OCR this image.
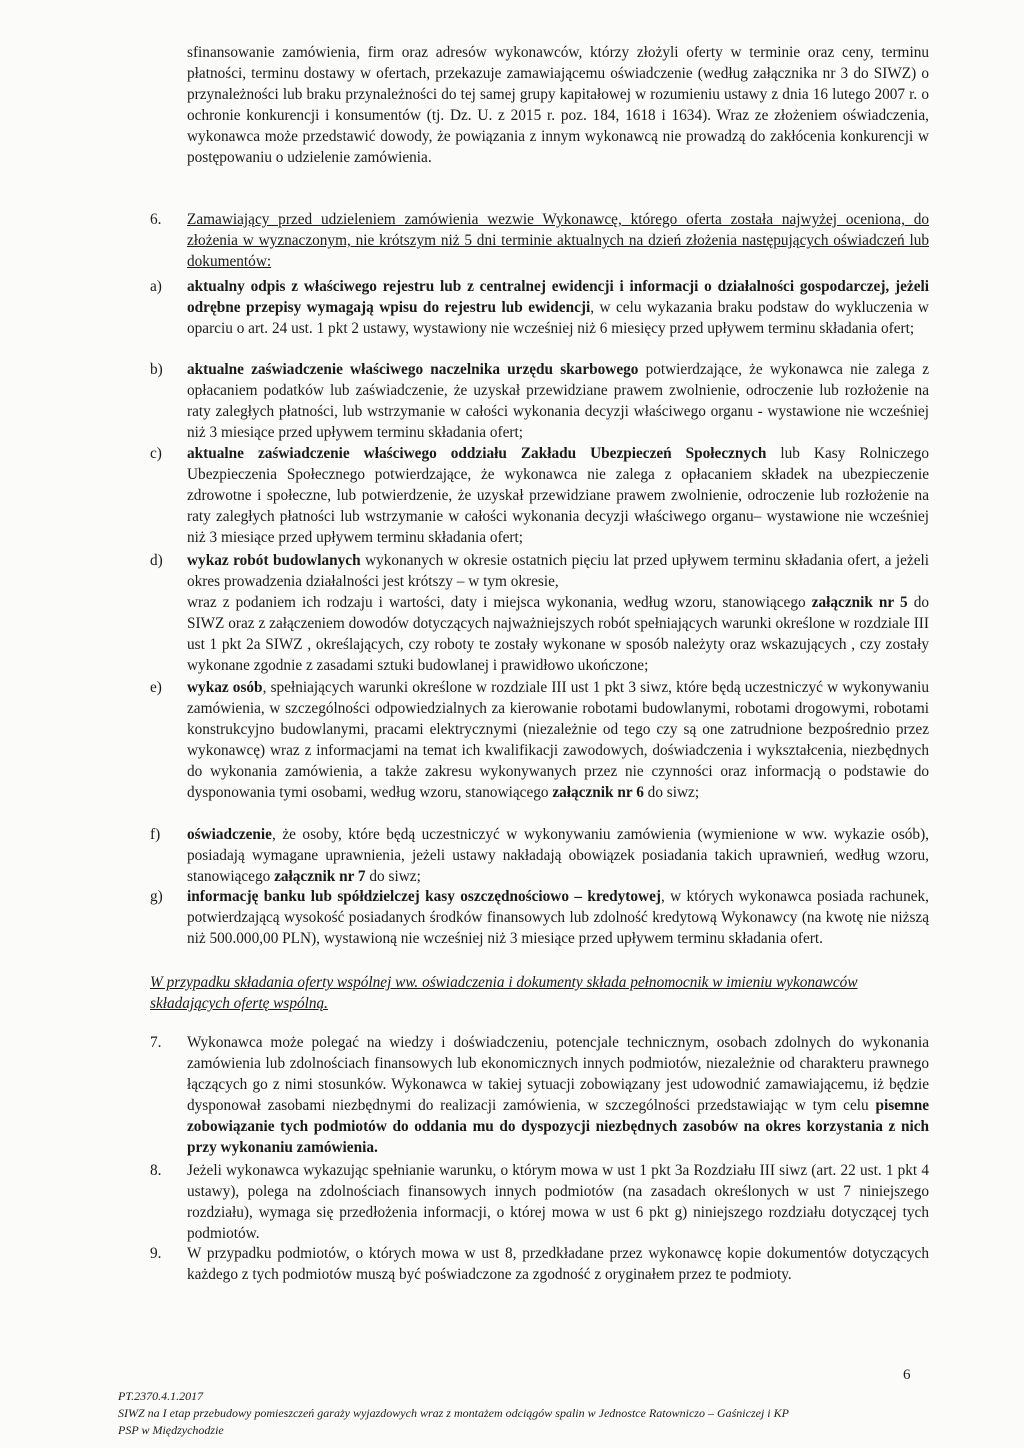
sfinansowanie zamówienia, firm oraz adresów wykonawców, którzy złożyli oferty w terminie oraz ceny, terminu płatności, terminu dostawy w ofertach, przekazuje zamawiającemu oświadczenie (według załącznika nr 3 do SIWZ) o przynależności lub braku przynależności do tej samej grupy kapitałowej w rozumieniu ustawy z dnia 16 lutego 2007 r. o ochronie konkurencji i konsumentów (tj. Dz. U. z 2015 r. poz. 184, 1618 i 1634). Wraz ze złożeniem oświadczenia, wykonawca może przedstawić dowody, że powiązania z innym wykonawcą nie prowadzą do zakłócenia konkurencji w postępowaniu o udzielenie zamówienia.
6.	Zamawiający przed udzieleniem zamówienia wezwie Wykonawcę, którego oferta została najwyżej oceniona, do złożenia w wyznaczonym, nie krótszym niż 5 dni terminie aktualnych na dzień złożenia następujących oświadczeń lub dokumentów:
a)	aktualny odpis z właściwego rejestru lub z centralnej ewidencji i informacji o działalności gospodarczej, jeżeli odrębne przepisy wymagają wpisu do rejestru lub ewidencji, w celu wykazania braku podstaw do wykluczenia w oparciu o art. 24 ust. 1 pkt 2 ustawy, wystawiony nie wcześniej niż 6 miesięcy przed upływem terminu składania ofert;
b)	aktualne zaświadczenie właściwego naczelnika urzędu skarbowego potwierdzające, że wykonawca nie zalega z opłacaniem podatków lub zaświadczenie, że uzyskał przewidziane prawem zwolnienie, odroczenie lub rozłożenie na raty zaległych płatności, lub wstrzymanie w całości wykonania decyzji właściwego organu - wystawione nie wcześniej niż 3 miesiące przed upływem terminu składania ofert;
c)	aktualne zaświadczenie właściwego oddziału Zakładu Ubezpieczeń Społecznych lub Kasy Rolniczego Ubezpieczenia Społecznego potwierdzające, że wykonawca nie zalega z opłacaniem składek na ubezpieczenie zdrowotne i społeczne, lub potwierdzenie, że uzyskał przewidziane prawem zwolnienie, odroczenie lub rozłożenie na raty zaległych płatności lub wstrzymanie w całości wykonania decyzji właściwego organu– wystawione nie wcześniej niż 3 miesiące przed upływem terminu składania ofert;
d)	wykaz robót budowlanych wykonanych w okresie ostatnich pięciu lat przed upływem terminu składania ofert, a jeżeli okres prowadzenia działalności jest krótszy – w tym okresie,
wraz z podaniem ich rodzaju i wartości, daty i miejsca wykonania, według wzoru, stanowiącego załącznik nr 5 do SIWZ oraz z załączeniem dowodów dotyczących najważniejszych robót spełniających warunki określone w rozdziale III ust 1 pkt 2a SIWZ , określających, czy roboty te zostały wykonane w sposób należyty oraz wskazujących , czy zostały wykonane zgodnie z zasadami sztuki budowlanej i prawidłowo ukończone;
e)	wykaz osób, spełniających warunki określone w rozdziale III ust 1 pkt 3 siwz, które będą uczestniczyć w wykonywaniu zamówienia, w szczególności odpowiedzialnych za kierowanie robotami budowlanymi, robotami drogowymi, robotami konstrukcyjno budowlanymi, pracami elektrycznymi (niezależnie od tego czy są one zatrudnione bezpośrednio przez wykonawcę) wraz z informacjami na temat ich kwalifikacji zawodowych, doświadczenia i wykształcenia, niezbędnych do wykonania zamówienia, a także zakresu wykonywanych przez nie czynności oraz informacją o podstawie do dysponowania tymi osobami, według wzoru, stanowiącego załącznik nr 6 do siwz;
f)	oświadczenie, że osoby, które będą uczestniczyć w wykonywaniu zamówienia (wymienione w ww. wykazie osób), posiadają wymagane uprawnienia, jeżeli ustawy nakładają obowiązek posiadania takich uprawnień, według wzoru, stanowiącego załącznik nr 7 do siwz;
g)	informację banku lub spółdzielczej kasy oszczędnościowo – kredytowej, w których wykonawca posiada rachunek, potwierdzającą wysokość posiadanych środków finansowych lub zdolność kredytową Wykonawcy (na kwotę nie niższą niż 500.000,00 PLN), wystawioną nie wcześniej niż 3 miesiące przed upływem terminu składania ofert.
W przypadku składania oferty wspólnej ww. oświadczenia i dokumenty składa pełnomocnik w imieniu wykonawców składających ofertę wspólną.
7.	Wykonawca może polegać na wiedzy i doświadczeniu, potencjale technicznym, osobach zdolnych do wykonania zamówienia lub zdolnościach finansowych lub ekonomicznych innych podmiotów, niezależnie od charakteru prawnego łączących go z nimi stosunków. Wykonawca w takiej sytuacji zobowiązany jest udowodnić zamawiającemu, iż będzie dysponował zasobami niezbędnymi do realizacji zamówienia, w szczególności przedstawiając w tym celu pisemne zobowiązanie tych podmiotów do oddania mu do dyspozycji niezbędnych zasobów na okres korzystania z nich przy wykonaniu zamówienia.
8.	Jeżeli wykonawca wykazując spełnianie warunku, o którym mowa w ust 1 pkt 3a Rozdziału III siwz (art. 22 ust. 1 pkt 4 ustawy), polega na zdolnościach finansowych innych podmiotów (na zasadach określonych w ust 7 niniejszego rozdziału), wymaga się przedłożenia informacji, o której mowa w ust 6 pkt g) niniejszego rozdziału dotyczącej tych podmiotów.
9.	W przypadku podmiotów, o których mowa w ust 8, przedkładane przez wykonawcę kopie dokumentów dotyczących każdego z tych podmiotów muszą być poświadczone za zgodność z oryginałem przez te podmioty.
6
PT.2370.4.1.2017
SIWZ na I etap przebudowy pomieszczeń garaży wyjazdowych wraz z montażem odciągów spalin w Jednostce Ratowniczo – Gaśniczej i KP
PSP w Międzychodzie
